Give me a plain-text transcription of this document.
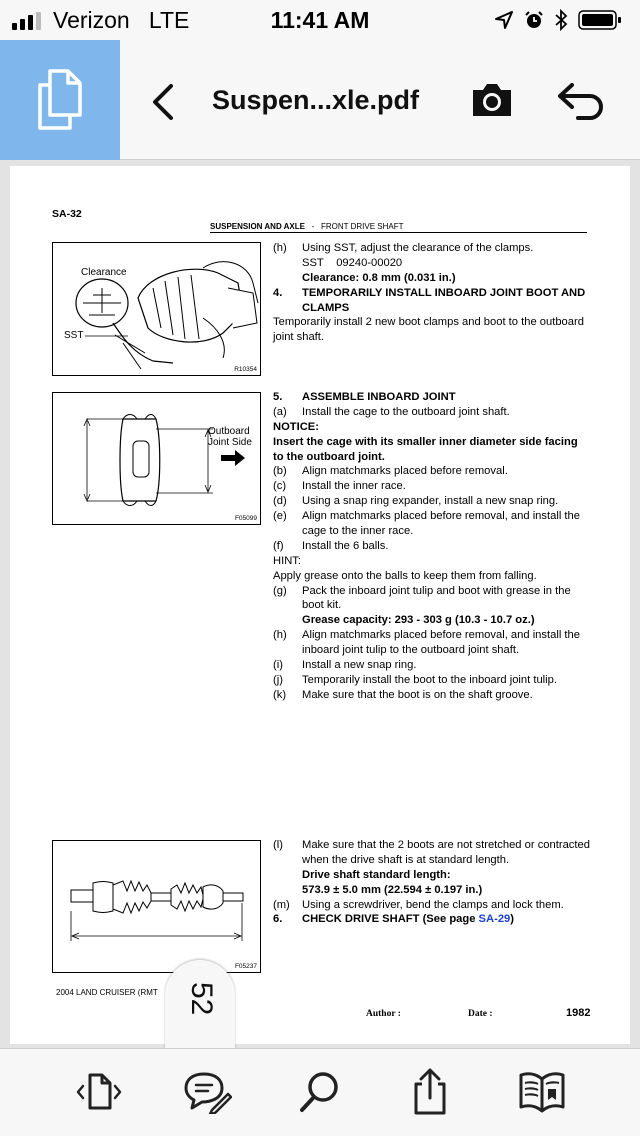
Verizon LTE	11:41 AM
Suspen...xle.pdf
SA-32
SUSPENSION AND AXLE - FRONT DRIVE SHAFT
Clearance
SST
R10354
Outboard
Joint Side
F05099
F05237
(h) Using SST, adjust the clearance of the clamps.
SST 09240-00020
Clearance: 0.8 mm (0.031 in.)
4. TEMPORARILY INSTALL INBOARD JOINT BOOT AND
CLAMPS
Temporarily install 2 new boot clamps and boot to the outboard
joint shaft.
5. ASSEMBLE INBOARD JOINT
(a) Install the cage to the outboard joint shaft.
NOTICE:
Insert the cage with its smaller inner diameter side facing
to the outboard joint.
(b) Align matchmarks placed before removal.
(c) Install the inner race.
(d) Using a snap ring expander, install a new snap ring.
(e) Align matchmarks placed before removal, and install the
cage to the inner race.
(f) Install the 6 balls.
HINT:
Apply grease onto the balls to keep them from falling.
(g) Pack the inboard joint tulip and boot with grease in the
boot kit.
Grease capacity: 293 - 303 g (10.3 - 10.7 oz.)
(h) Align matchmarks placed before removal, and install the
inboard joint tulip to the outboard joint shaft.
(i) Install a new snap ring.
(j) Temporarily install the boot to the inboard joint tulip.
(k) Make sure that the boot is on the shaft groove.
(l) Make sure that the 2 boots are not stretched or contracted
when the drive shaft is at standard length.
Drive shaft standard length:
573.9 ± 5.0 mm (22.594 ± 0.197 in.)
(m) Using a screwdriver, bend the clamps and lock them.
6. CHECK DRIVE SHAFT (See page SA-29)
2004 LAND CRUISER (RMT
Author :	Date :	1982
52
